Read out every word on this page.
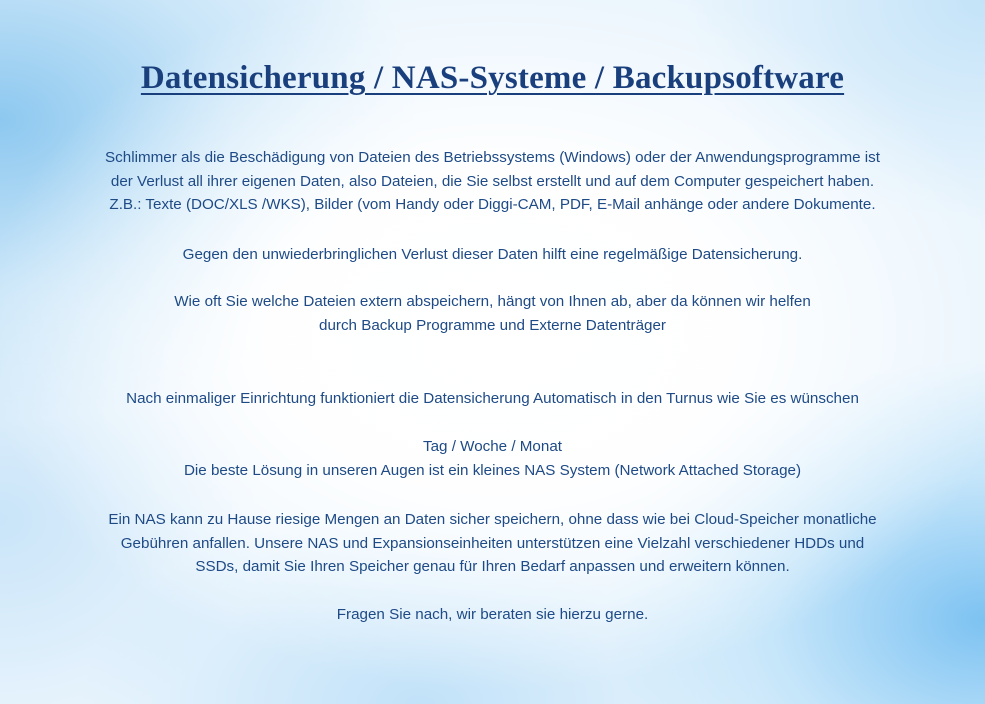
Datensicherung / NAS-Systeme / Backupsoftware

Schlimmer als die Beschädigung von Dateien des Betriebssystems (Windows) oder der Anwendungsprogramme ist
der Verlust all ihrer eigenen Daten, also Dateien, die Sie selbst erstellt und auf dem Computer gespeichert haben.
Z.B.: Texte (DOC/XLS /WKS), Bilder (vom Handy oder Diggi-CAM, PDF, E-Mail anhänge oder andere Dokumente.

Gegen den unwiederbringlichen Verlust dieser Daten hilft eine regelmäßige Datensicherung.

Wie oft Sie welche Dateien extern abspeichern, hängt von Ihnen ab, aber da können wir helfen
durch Backup Programme und Externe Datenträger

Nach einmaliger Einrichtung funktioniert die Datensicherung Automatisch in den Turnus wie Sie es wünschen

Tag / Woche / Monat
Die beste Lösung in unseren Augen ist ein kleines NAS System (Network Attached Storage)

Ein NAS kann zu Hause riesige Mengen an Daten sicher speichern, ohne dass wie bei Cloud-Speicher monatliche
Gebühren anfallen. Unsere NAS und Expansionseinheiten unterstützen eine Vielzahl verschiedener HDDs und
SSDs, damit Sie Ihren Speicher genau für Ihren Bedarf anpassen und erweitern können.

Fragen Sie nach, wir beraten sie hierzu gerne.
